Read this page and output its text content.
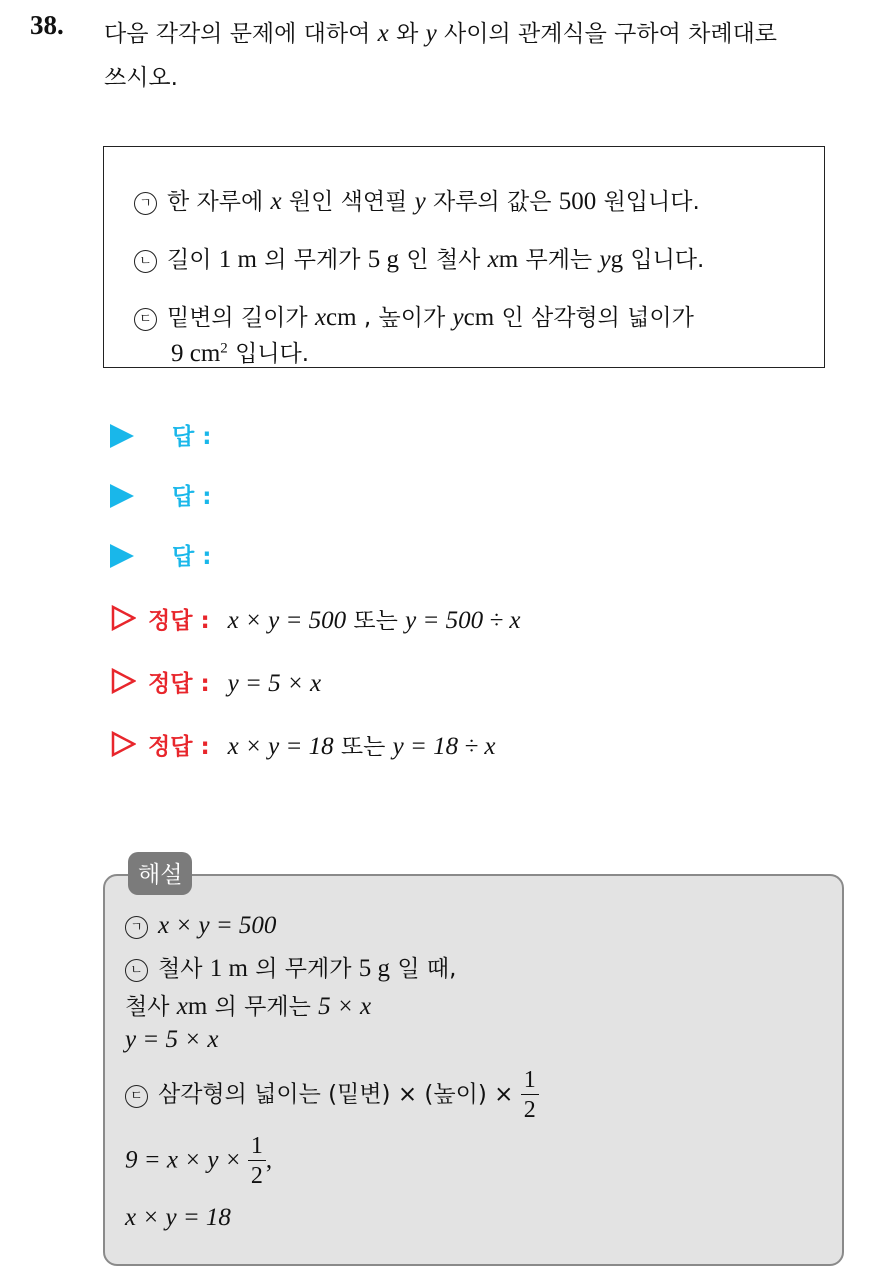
38. 다음 각각의 문제에 대하여 x 와 y 사이의 관계식을 구하여 차례대로
쓰시오.
ㄱ 한 자루에 x 원인 색연필 y 자루의 값은 500 원입니다.
ㄴ 길이 1 m 의 무게가 5 g 인 철사 xm 무게는 yg 입니다.
ㄷ 밑변의 길이가 xcm , 높이가 ycm 인 삼각형의 넓이가
9 $cm^2$ 입니다.
답 :
답 :
답 :
정답 : x × y = 500 또는 y = 500 ÷ x
정답 : y = 5 × x
정답 : x × y = 18 또는 y = 18 ÷ x
해설
ㄱ x × y = 500
ㄴ 철사 1 m 의 무게가 5 g 일 때,
철사 xm 의 무게는 5 × x
y = 5 × x
ㄷ 삼각형의 넓이는 (밑변) × (높이) × $\frac{1}{2}$
$9 = x \times y \times \frac{1}{2}$ ,
x × y = 18
